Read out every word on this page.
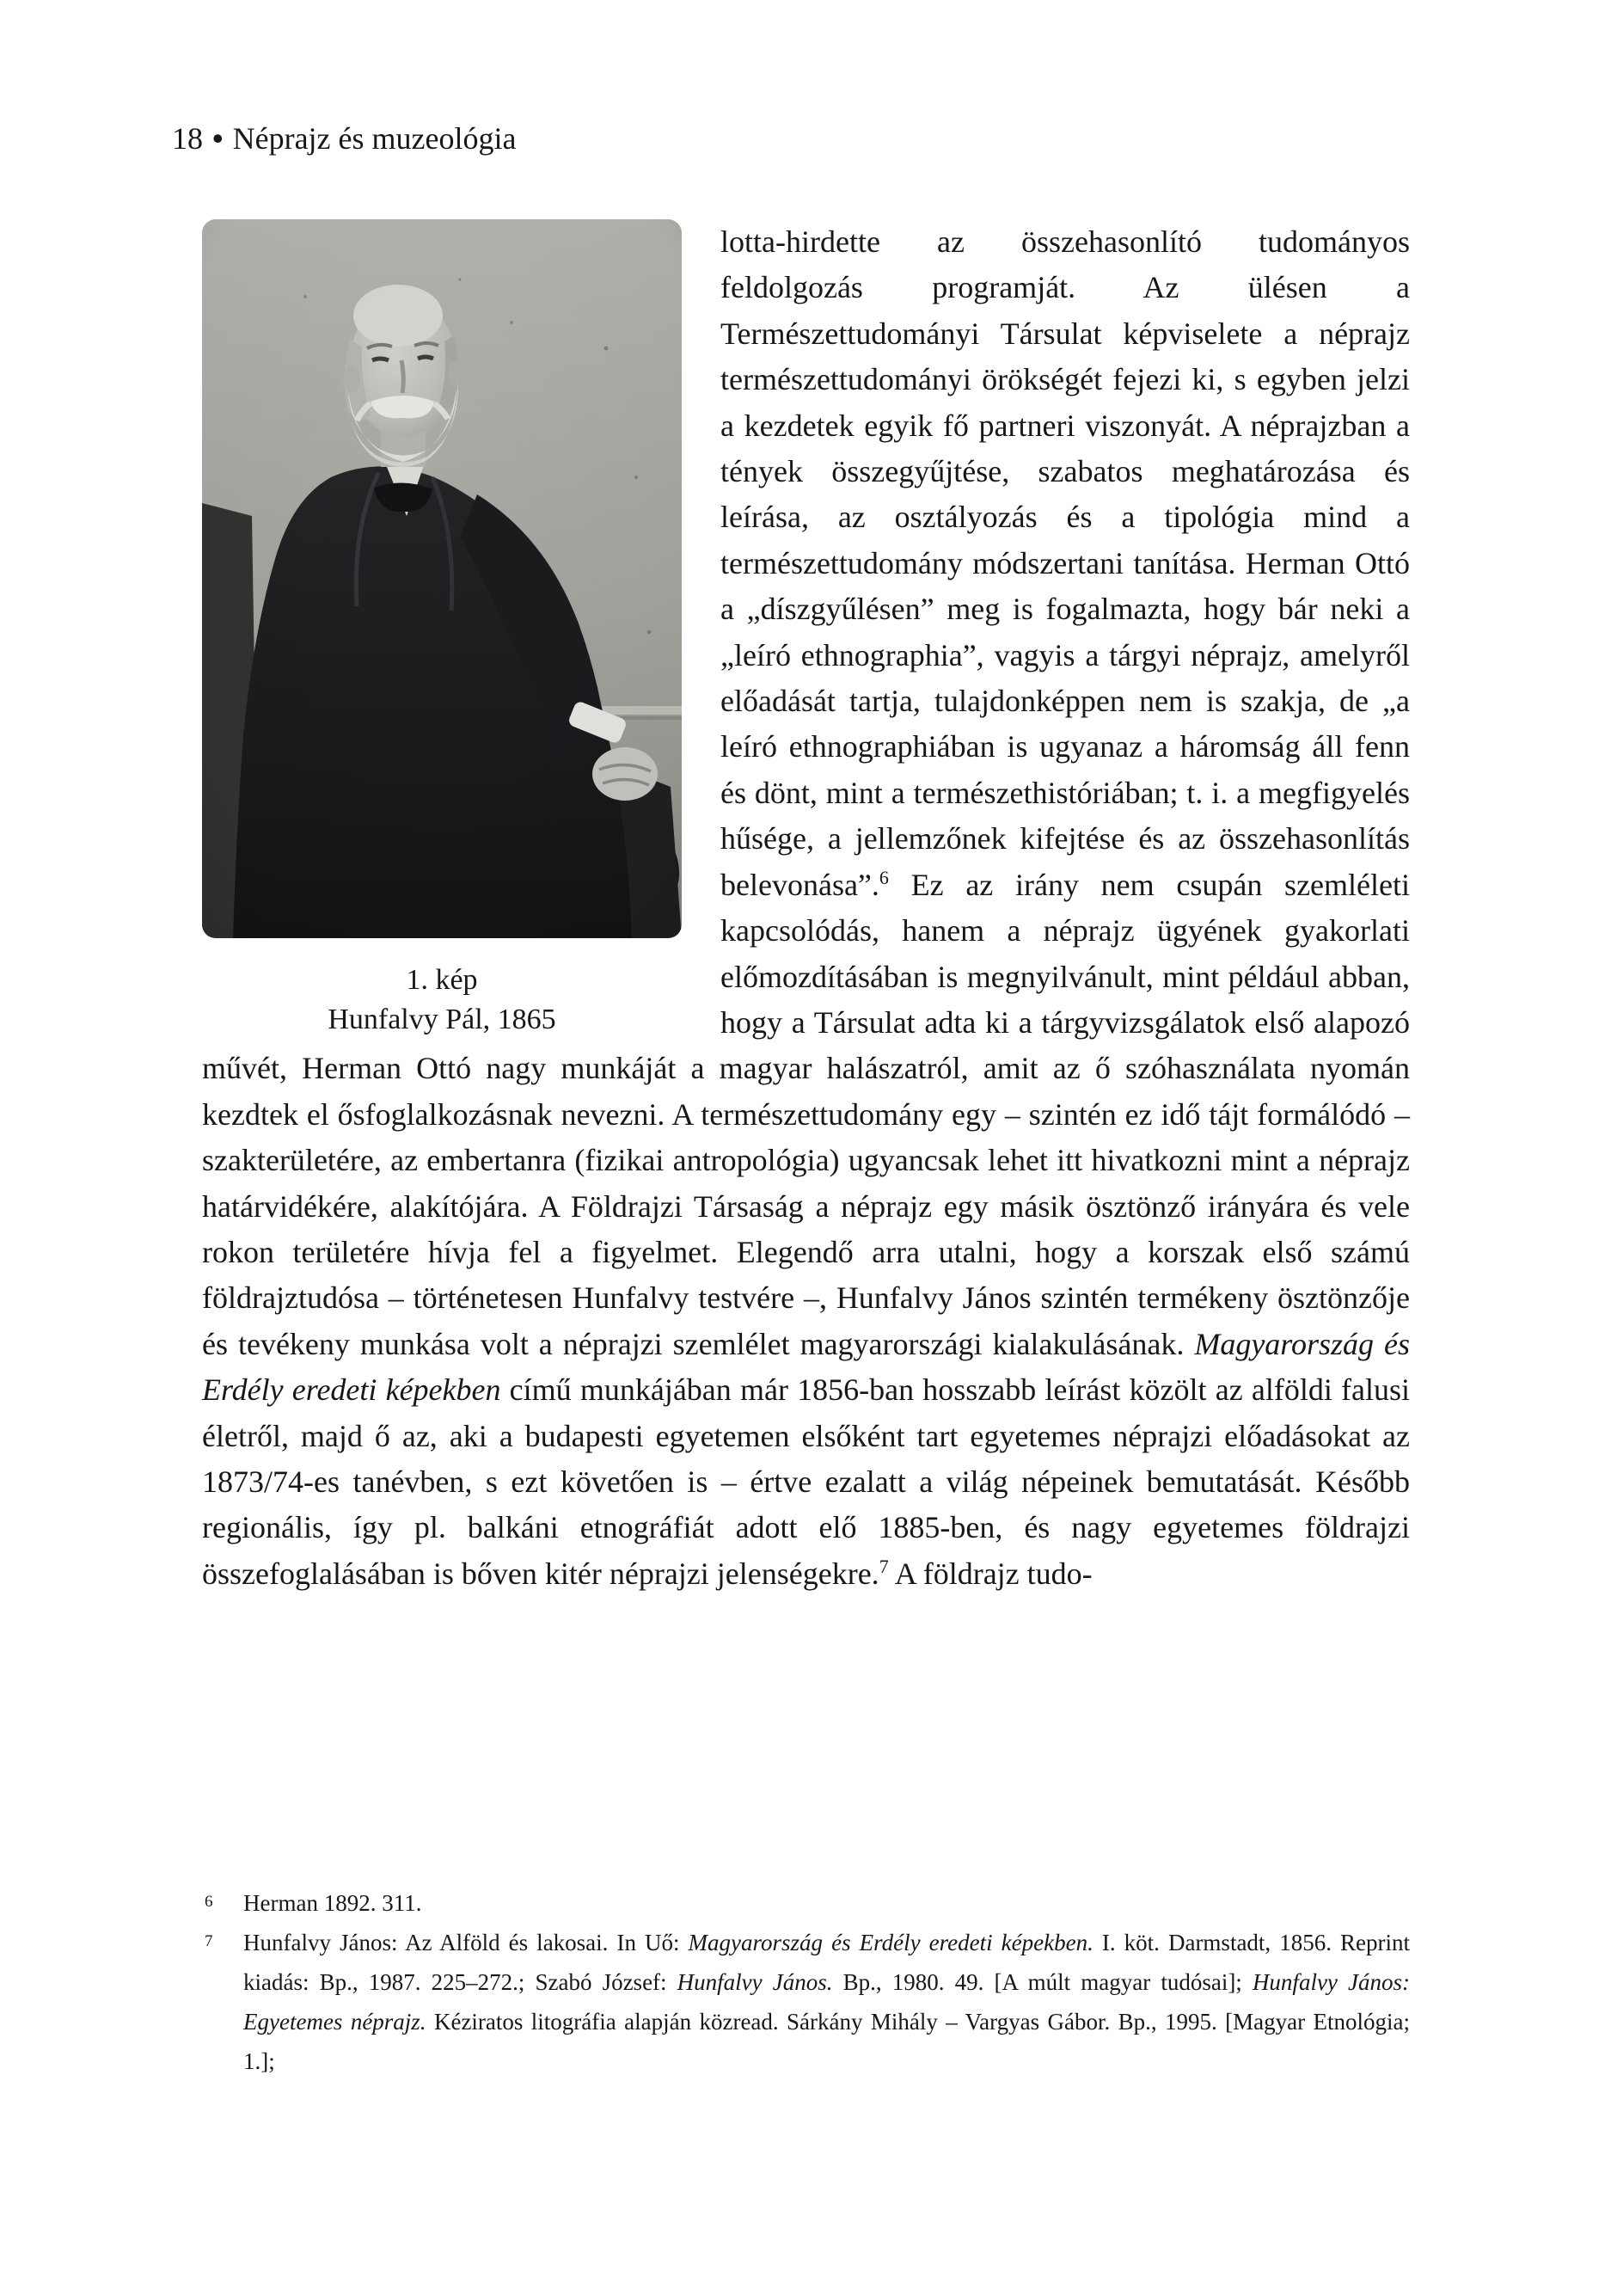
18 • Néprajz és muzeológia
1. kép
Hunfalvy Pál, 1865

lotta-hirdette az összehasonlító tudományos feldolgozás programját. Az ülésen a Természettudományi Társulat képviselete a néprajz természettudományi örökségét fejezi ki, s egyben jelzi a kezdetek egyik fő partneri viszonyát. A néprajzban a tények összegyűjtése, szabatos meghatározása és leírása, az osztályozás és a tipológia mind a természettudomány módszertani tanítása. Herman Ottó a „díszgyűlésen” meg is fogalmazta, hogy bár neki a „leíró ethnographia”, vagyis a tárgyi néprajz, amelyről előadását tartja, tulajdonképpen nem is szakja, de „a leíró ethnographiában is ugyanaz a háromság áll fenn és dönt, mint a természethistóriában; t. i. a megfigyelés hűsége, a jellemzőnek kifejtése és az összehasonlítás belevonása”.$^6$ Ez az irány nem csupán szemléleti kapcsolódás, hanem a néprajz ügyének gyakorlati előmozdításában is megnyilvánult, mint például abban, hogy a Társulat adta ki a tárgyvizsgálatok első alapozó művét, Herman Ottó nagy munkáját a magyar halászatról, amit az ő szóhasználata nyomán kezdtek el ősfoglalkozásnak nevezni. A természettudomány egy – szintén ez idő tájt formálódó – szakterületére, az embertanra (fizikai antropológia) ugyancsak lehet itt hivatkozni mint a néprajz határvidékére, alakítójára. A Földrajzi Társaság a néprajz egy másik ösztönző irányára és vele rokon területére hívja fel a figyelmet. Elegendő arra utalni, hogy a korszak első számú földrajztudósa – történetesen Hunfalvy testvére –, Hunfalvy János szintén termékeny ösztönzője és tevékeny munkása volt a néprajzi szemlélet magyarországi kialakulásának. Magyarország és Erdély eredeti képekben című munkájában már 1856-ban hosszabb leírást közölt az alföldi falusi életről, majd ő az, aki a budapesti egyetemen elsőként tart egyetemes néprajzi előadásokat az 1873/74-es tanévben, s ezt követően is – értve ezalatt a világ népeinek bemutatását. Később regionális, így pl. balkáni etnográfiát adott elő 1885-ben, és nagy egyetemes földrajzi összefoglalásában is bőven kitér néprajzi jelenségekre.$^7$ A földrajz tudo-

6 Herman 1892. 311.
7 Hunfalvy János: Az Alföld és lakosai. In Uő: Magyarország és Erdély eredeti képekben. I. köt. Darmstadt, 1856. Reprint kiadás: Bp., 1987. 225–272.; Szabó József: Hunfalvy János. Bp., 1980. 49. [A múlt magyar tudósai]; Hunfalvy János: Egyetemes néprajz. Kéziratos litográfia alapján közread. Sárkány Mihály – Vargyas Gábor. Bp., 1995. [Magyar Etnológia; 1.];
